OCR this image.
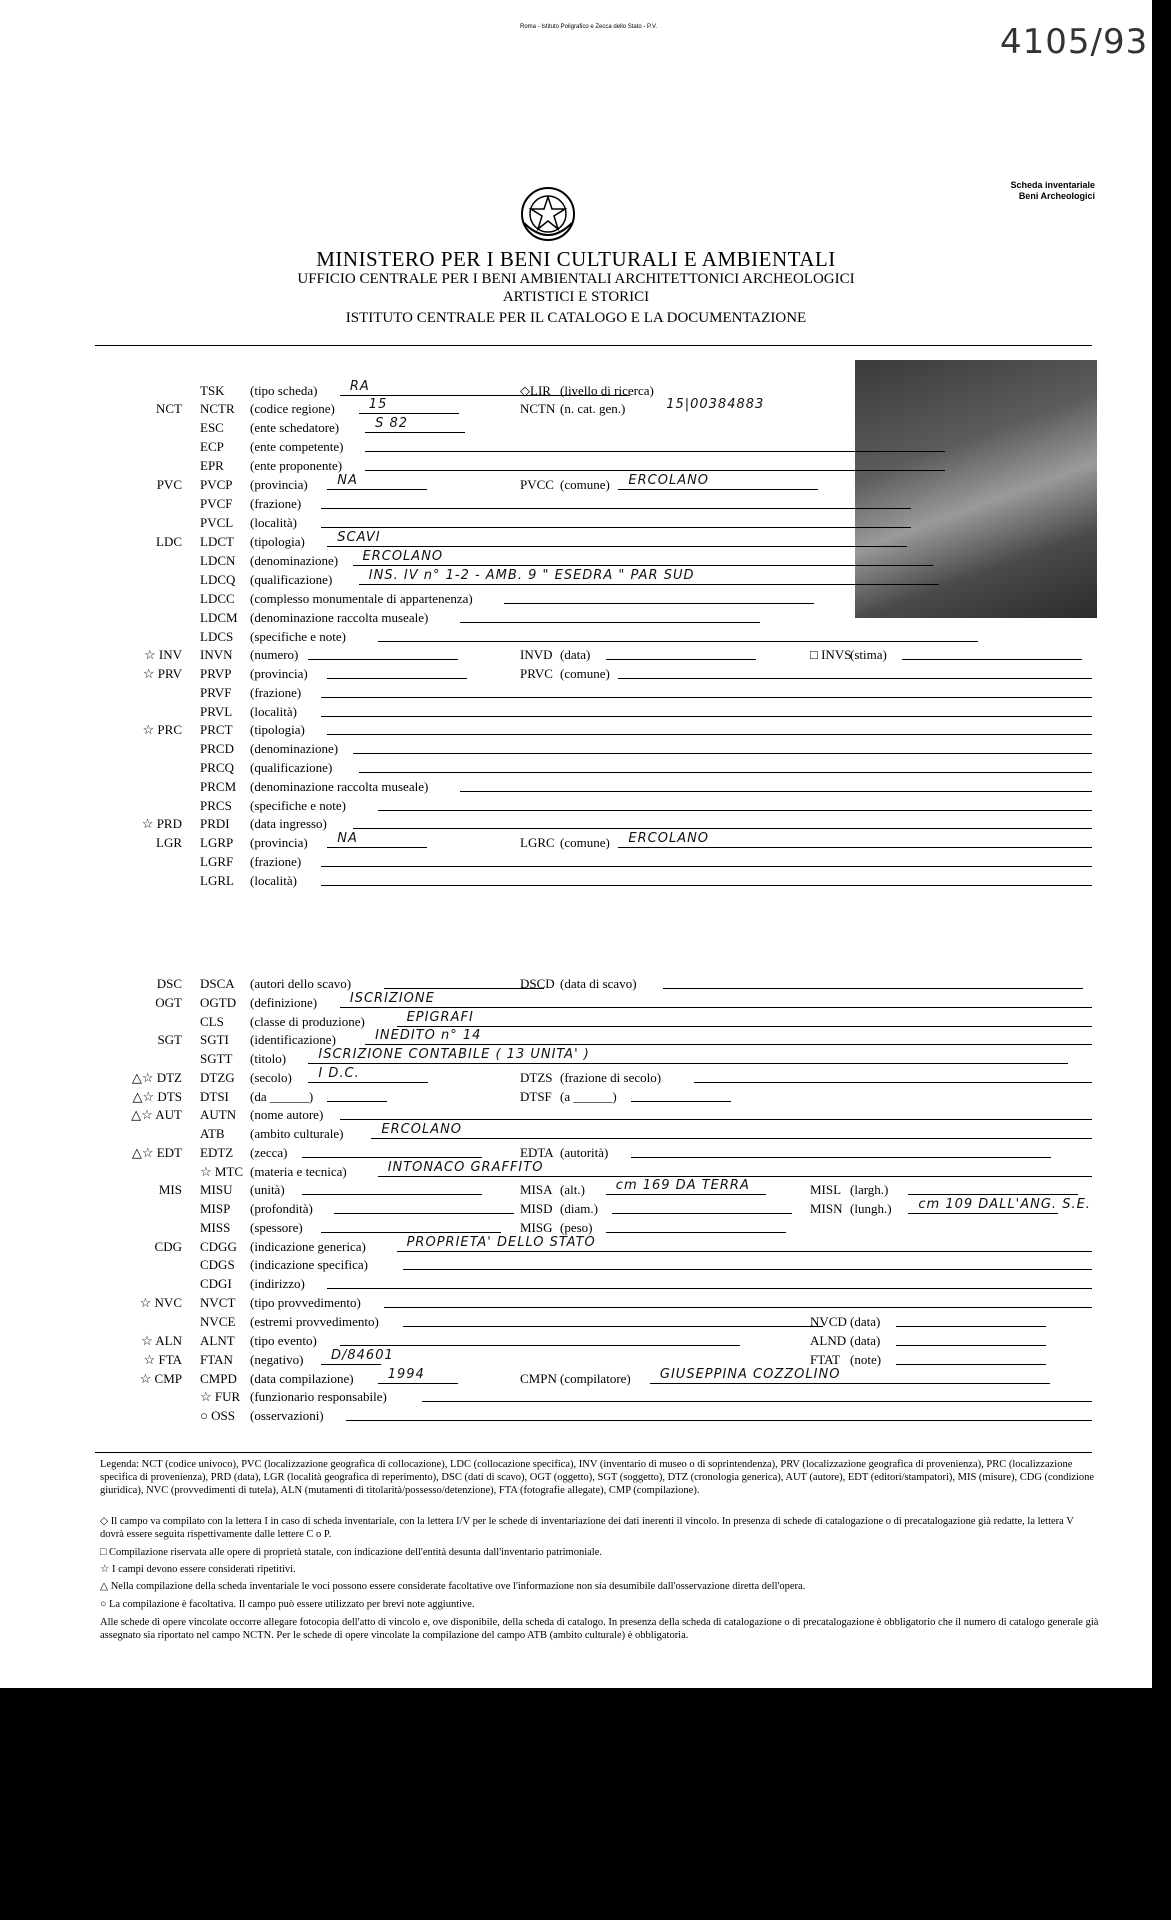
Roma - Istituto Poligrafico e Zecca dello Stato - P.V.	4105/93
Scheda inventariale
Beni Archeologici
MINISTERO PER I BENI CULTURALI E AMBIENTALI
UFFICIO CENTRALE PER I BENI AMBIENTALI ARCHITETTONICI ARCHEOLOGICI
ARTISTICI E STORICI
ISTITUTO CENTRALE PER IL CATALOGO E LA DOCUMENTAZIONE
TSK (tipo scheda) RA	◇LIR (livello di ricerca)
NCT NCTR (codice regione)	15	NCTN (n. cat. gen.)	15|00384883
ESC (ente schedatore)	S 82
ECP (ente competente)
EPR (ente proponente)
PVC PVCP (provincia) NA	PVCC (comune) ERCOLANO
PVCF (frazione)
PVCL (località)
LDC LDCT (tipologia) SCAVI
LDCN (denominazione) ERCOLANO
LDCQ (qualificazione)	INS. IV n° 1-2 - AMB. 9 " ESEDRA " PAR SUD
LDCC (complesso monumentale di appartenenza)
LDCM (denominazione raccolta museale)
LDCS (specifiche e note)
☆ INV INVN (numero)	INVD (data)	□ INVS
(stima)
☆ PRV PRVP (provincia)	PRVC (comune)
PRVF (frazione)
PRVL (località)
☆ PRC PRCT (tipologia)
PRCD (denominazione)
PRCQ (qualificazione)
PRCM (denominazione raccolta museale)
PRCS (specifiche e note)
☆ PRD PRDI (data ingresso)
LGR LGRP (provincia) NA	LGRC (comune) ERCOLANO
LGRF (frazione)
LGRL (località)
DSC DSCA (autori dello scavo)	DSCD (data di scavo)
OGT OGTD (definizione)	ISCRIZIONE
CLS (classe di produzione)	EPIGRAFI
SGT SGTI (identificazione)	INEDITO n° 14
SGTT (titolo) ISCRIZIONE CONTABILE ( 13 UNITA' )
△☆ DTZ DTZG (secolo) I D.C.	DTZS (frazione di secolo)
△☆ DTS DTSI (da ______)	DTSF (a ______)
△☆ AUT AUTN (nome autore)
ATB (ambito culturale)	ERCOLANO
△☆ EDT EDTZ (zecca)	EDTA (autorità)
☆ MTC (materia e tecnica)	INTONACO GRAFFITO
MIS MISU (unità)	MISA (alt.) cm 169 DA TERRA	MISL (largh.)
MISP (profondità)	MISD (diam.)	MISN (lungh.) cm 109 DALL'ANG. S.E.
MISS (spessore)	MISG (peso)
CDG CDGG (indicazione generica)	PROPRIETA' DELLO STATO
CDGS (indicazione specifica)
CDGI (indirizzo)
☆ NVC NVCT (tipo provvedimento)
NVCE (estremi provvedimento)	NVCD (data)
☆ ALN ALNT (tipo evento)	ALND (data)
☆ FTA FTAN (negativo) D/84601	FTAT (note)
☆ CMP CMPD (data compilazione)	1994	CMPN (compilatore) GIUSEPPINA COZZOLINO
☆ FUR (funzionario responsabile)
○ OSS (osservazioni)
Legenda: NCT (codice univoco), PVC (localizzazione geografica di collocazione), LDC (collocazione specifica), INV (inventario di museo o di soprintendenza), PRV (localizzazione geografica di provenienza), PRC (localizzazione specifica di provenienza), PRD (data), LGR (località geografica di reperimento), DSC (dati di scavo), OGT (oggetto), SGT (soggetto), DTZ (cronologia generica), AUT (autore), EDT (editori/stampatori), MIS (misure), CDG (condizione giuridica), NVC (provvedimenti di tutela), ALN (mutamenti di titolarità/possesso/detenzione), FTA (fotografie allegate), CMP (compilazione).
◇ Il campo va compilato con la lettera I in caso di scheda inventariale, con la lettera I/V per le schede di inventariazione dei dati inerenti il vincolo. In presenza di schede di catalogazione o di precatalogazione già redatte, la lettera V dovrà essere seguita rispettivamente dalle lettere C o P.
□ Compilazione riservata alle opere di proprietà statale, con indicazione dell'entità desunta dall'inventario patrimoniale.
☆ I campi devono essere considerati ripetitivi.
△ Nella compilazione della scheda inventariale le voci possono essere considerate facoltative ove l'informazione non sia desumibile dall'osservazione diretta dell'opera.
○ La compilazione è facoltativa. Il campo può essere utilizzato per brevi note aggiuntive.
Alle schede di opere vincolate occorre allegare fotocopia dell'atto di vincolo e, ove disponibile, della scheda di catalogo. In presenza della scheda di catalogazione o di precatalogazione è obbligatorio che il numero di catalogo generale già assegnato sia riportato nel campo NCTN. Per le schede di opere vincolate la compilazione del campo ATB (ambito culturale) è obbligatoria.
